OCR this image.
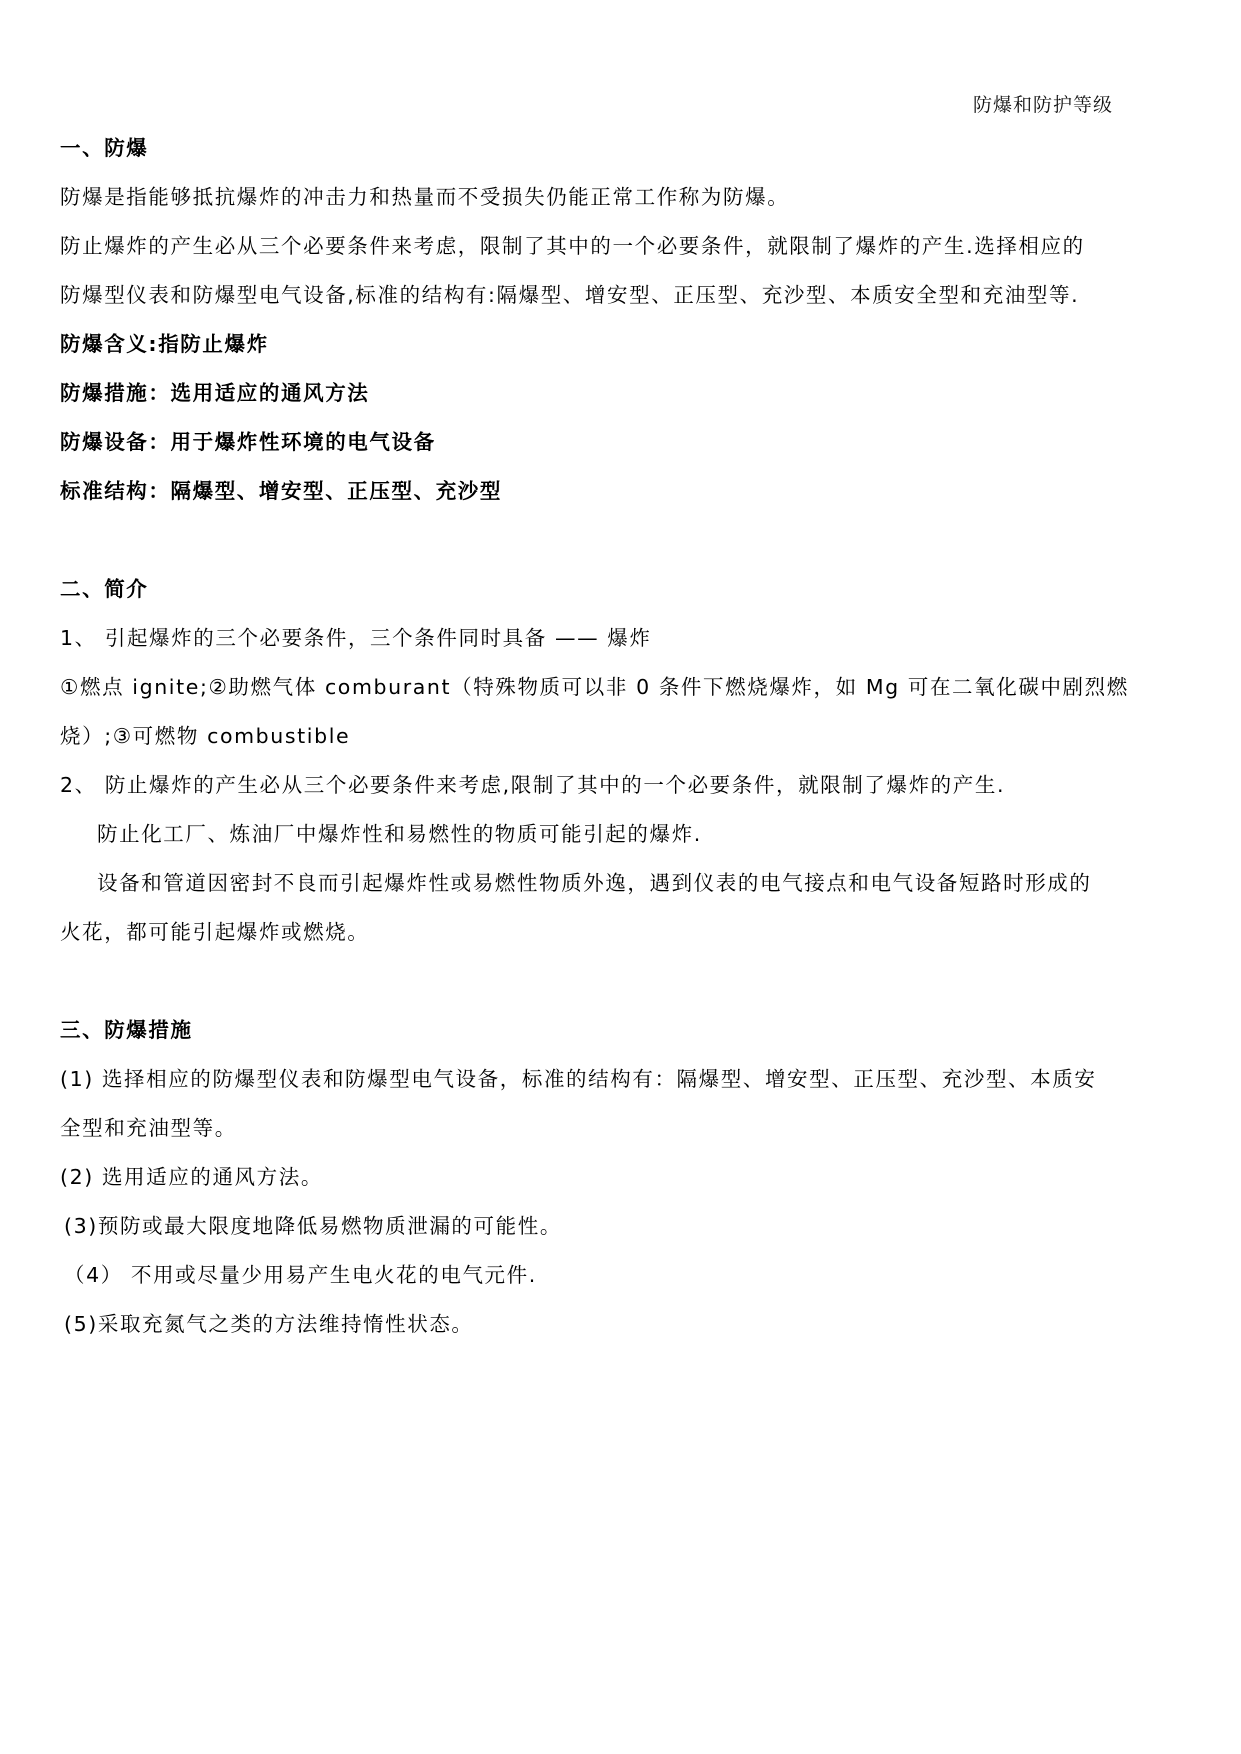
防爆和防护等级

一、防爆

防爆是指能够抵抗爆炸的冲击力和热量而不受损失仍能正常工作称为防爆。

防止爆炸的产生必从三个必要条件来考虑，限制了其中的一个必要条件，就限制了爆炸的产生.选择相应的

防爆型仪表和防爆型电气设备,标准的结构有:隔爆型、增安型、正压型、充沙型、本质安全型和充油型等.

防爆含义:指防止爆炸

防爆措施：选用适应的通风方法

防爆设备：用于爆炸性环境的电气设备

标准结构：隔爆型、增安型、正压型、充沙型

二、简介

1、 引起爆炸的三个必要条件，三个条件同时具备 —— 爆炸

①燃点 ignite;②助燃气体 comburant（特殊物质可以非 0 条件下燃烧爆炸，如 Mg 可在二氧化碳中剧烈燃

烧）;③可燃物 combustible

2、 防止爆炸的产生必从三个必要条件来考虑,限制了其中的一个必要条件，就限制了爆炸的产生.

防止化工厂、炼油厂中爆炸性和易燃性的物质可能引起的爆炸.

设备和管道因密封不良而引起爆炸性或易燃性物质外逸，遇到仪表的电气接点和电气设备短路时形成的

火花，都可能引起爆炸或燃烧。

三、防爆措施

(1) 选择相应的防爆型仪表和防爆型电气设备，标准的结构有：隔爆型、增安型、正压型、充沙型、本质安

全型和充油型等。

(2) 选用适应的通风方法。

(3)预防或最大限度地降低易燃物质泄漏的可能性。

（4） 不用或尽量少用易产生电火花的电气元件.

(5)采取充氮气之类的方法维持惰性状态。
